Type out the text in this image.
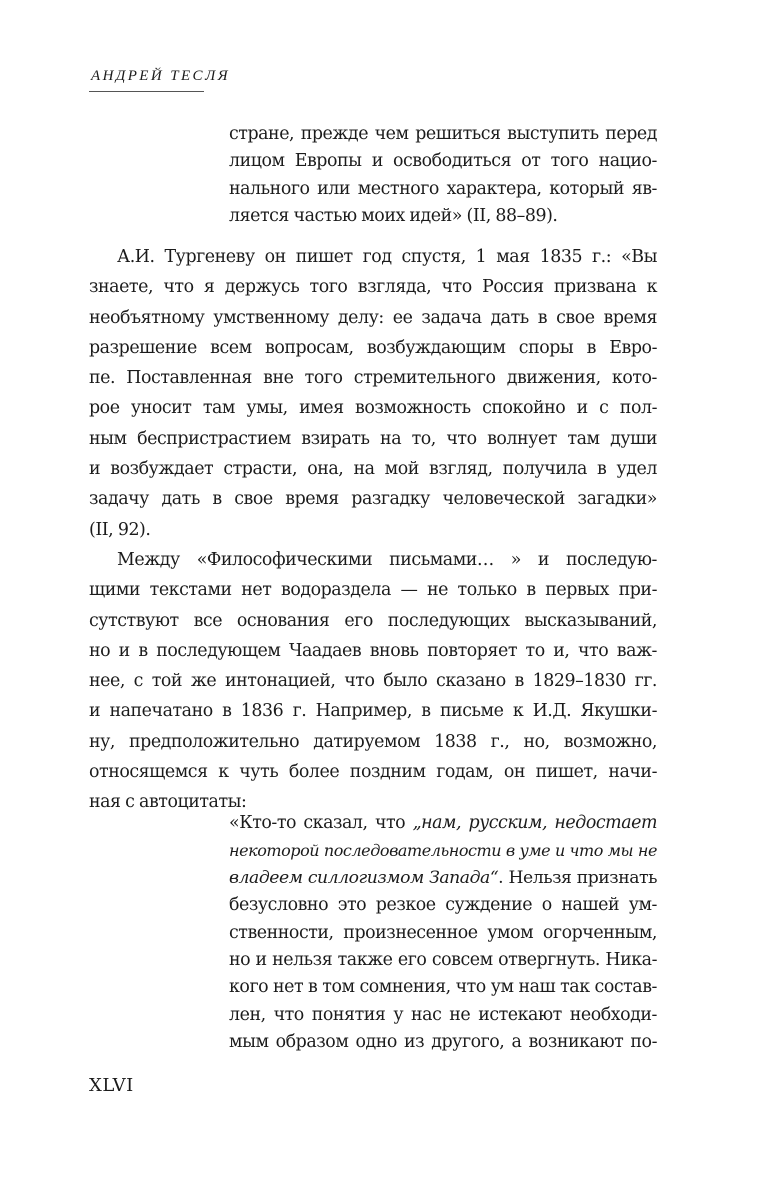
АНДРЕЙ ТЕСЛЯ
стране, прежде чем решиться выступить перед
лицом Европы и освободиться от того нацио-
нального или местного характера, который яв-
ляется частью моих идей» (II, 88–89).
А.И. Тургеневу он пишет год спустя, 1 мая 1835 г.: «Вы
знаете, что я держусь того взгляда, что Россия призвана к
необъятному умственному делу: ее задача дать в свое время
разрешение всем вопросам, возбуждающим споры в Евро-
пе. Поставленная вне того стремительного движения, кото-
рое уносит там умы, имея возможность спокойно и с пол-
ным беспристрастием взирать на то, что волнует там души
и возбуждает страсти, она, на мой взгляд, получила в удел
задачу дать в свое время разгадку человеческой загадки»
(II, 92).
Между «Философическими письмами… » и последую-
щими текстами нет водораздела — не только в первых при-
сутствуют все основания его последующих высказываний,
но и в последующем Чаадаев вновь повторяет то и, что важ-
нее, с той же интонацией, что было сказано в 1829–1830 гг.
и напечатано в 1836 г. Например, в письме к И.Д. Якушки-
ну, предположительно датируемом 1838 г., но, возможно,
относящемся к чуть более поздним годам, он пишет, начи-
ная с автоцитаты:
«Кто-то сказал, что „нам, русским, недостает
некоторой последовательности в уме и что мы не
владеем силлогизмом Запада“. Нельзя признать
безусловно это резкое суждение о нашей ум-
ственности, произнесенное умом огорченным,
но и нельзя также его совсем отвергнуть. Ника-
кого нет в том сомнения, что ум наш так состав-
лен, что понятия у нас не истекают необходи-
мым образом одно из другого, а возникают по-
XLVI
